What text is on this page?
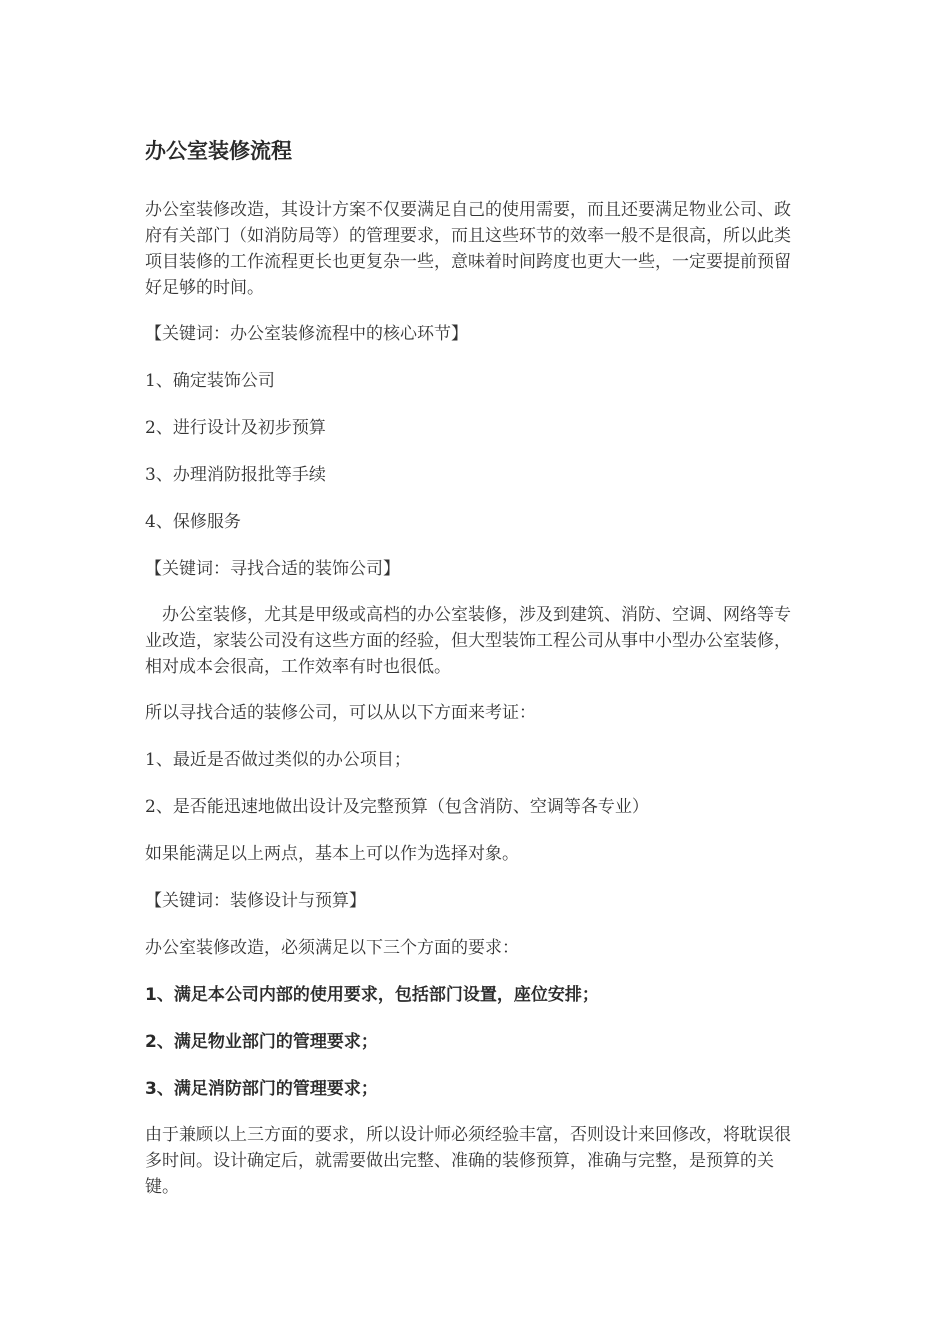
办公室装修流程

办公室装修改造，其设计方案不仅要满足自己的使用需要，而且还要满足物业公司、政府有关部门（如消防局等）的管理要求，而且这些环节的效率一般不是很高，所以此类项目装修的工作流程更长也更复杂一些，意味着时间跨度也更大一些，一定要提前预留好足够的时间。

【关键词：办公室装修流程中的核心环节】

1、确定装饰公司

2、进行设计及初步预算

3、办理消防报批等手续

4、保修服务

【关键词：寻找合适的装饰公司】

办公室装修，尤其是甲级或高档的办公室装修，涉及到建筑、消防、空调、网络等专业改造，家装公司没有这些方面的经验，但大型装饰工程公司从事中小型办公室装修，相对成本会很高，工作效率有时也很低。

所以寻找合适的装修公司，可以从以下方面来考证：

1、最近是否做过类似的办公项目；

2、是否能迅速地做出设计及完整预算（包含消防、空调等各专业）

如果能满足以上两点，基本上可以作为选择对象。

【关键词：装修设计与预算】

办公室装修改造，必须满足以下三个方面的要求：

1、满足本公司内部的使用要求，包括部门设置，座位安排；

2、满足物业部门的管理要求；

3、满足消防部门的管理要求；

由于兼顾以上三方面的要求，所以设计师必须经验丰富，否则设计来回修改，将耽误很多时间。设计确定后，就需要做出完整、准确的装修预算，准确与完整，是预算的关键。
